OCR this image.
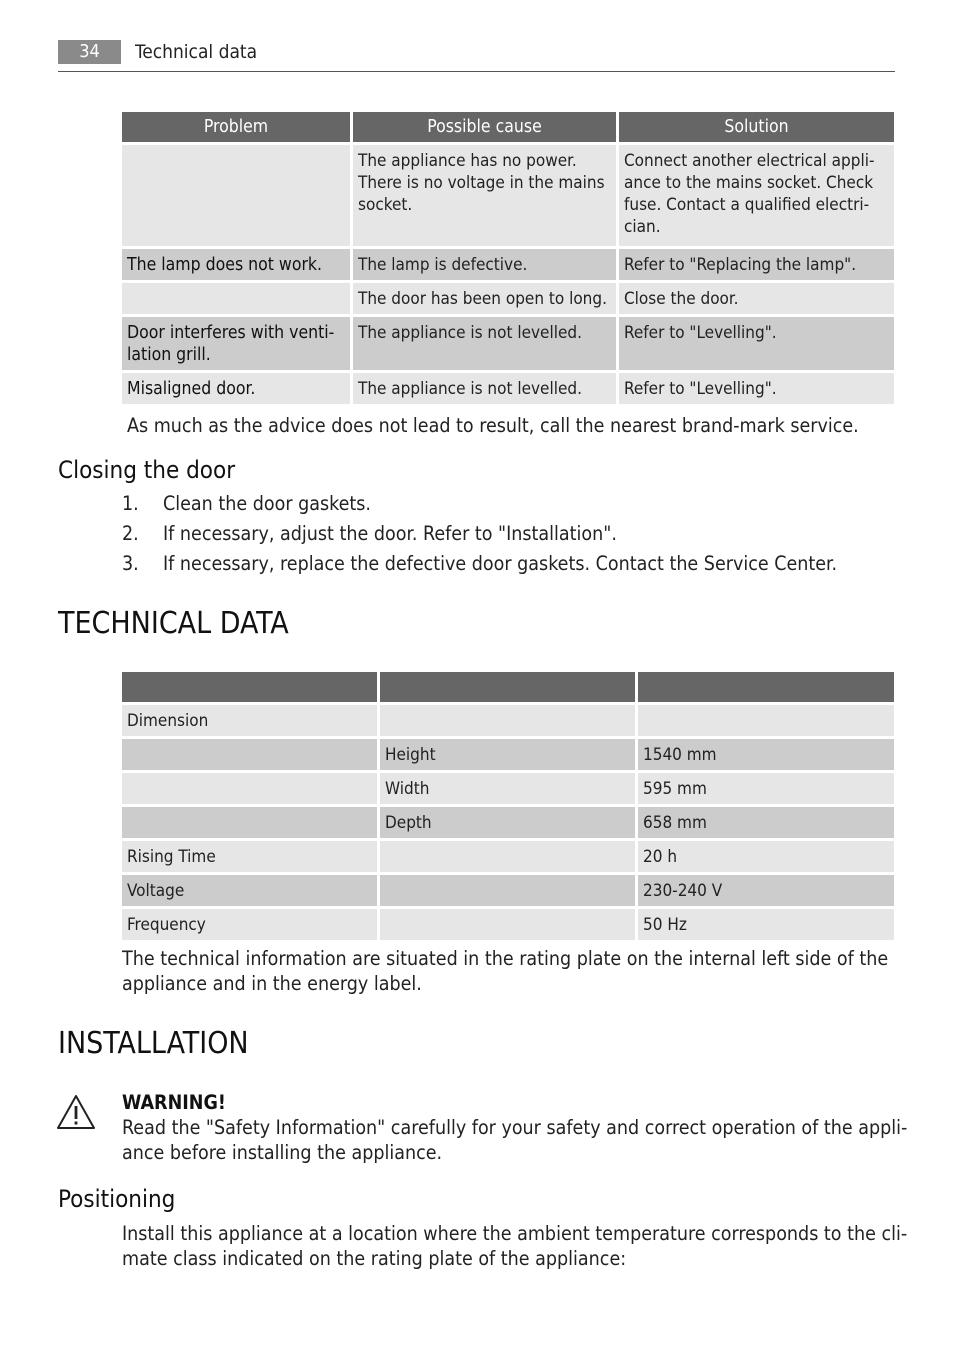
34	Technical data
Problem	Possible cause	Solution
	The appliance has no power. There is no voltage in the mains socket.	Connect another electrical appli-ance to the mains socket. Check fuse. Contact a qualified electri-cian.
The lamp does not work.	The lamp is defective.	Refer to "Replacing the lamp".
	The door has been open to long.	Close the door.
Door interferes with venti-lation grill.	The appliance is not levelled.	Refer to "Levelling".
Misaligned door.	The appliance is not levelled.	Refer to "Levelling".

As much as the advice does not lead to result, call the nearest brand-mark service.

Closing the door
1. Clean the door gaskets.
2. If necessary, adjust the door. Refer to "Installation".
3. If necessary, replace the defective door gaskets. Contact the Service Center.
TECHNICAL DATA

Dimension		
	Height	1540 mm
	Width	595 mm
	Depth	658 mm
Rising Time		20 h
Voltage		230-240 V
Frequency		50 Hz

The technical information are situated in the rating plate on the internal left side of the

appliance and in the energy label.

INSTALLATION
WARNING!

Read the "Safety Information" carefully for your safety and correct operation of the appli-

ance before installing the appliance.

Positioning

Install this appliance at a location where the ambient temperature corresponds to the cli-

mate class indicated on the rating plate of the appliance:
